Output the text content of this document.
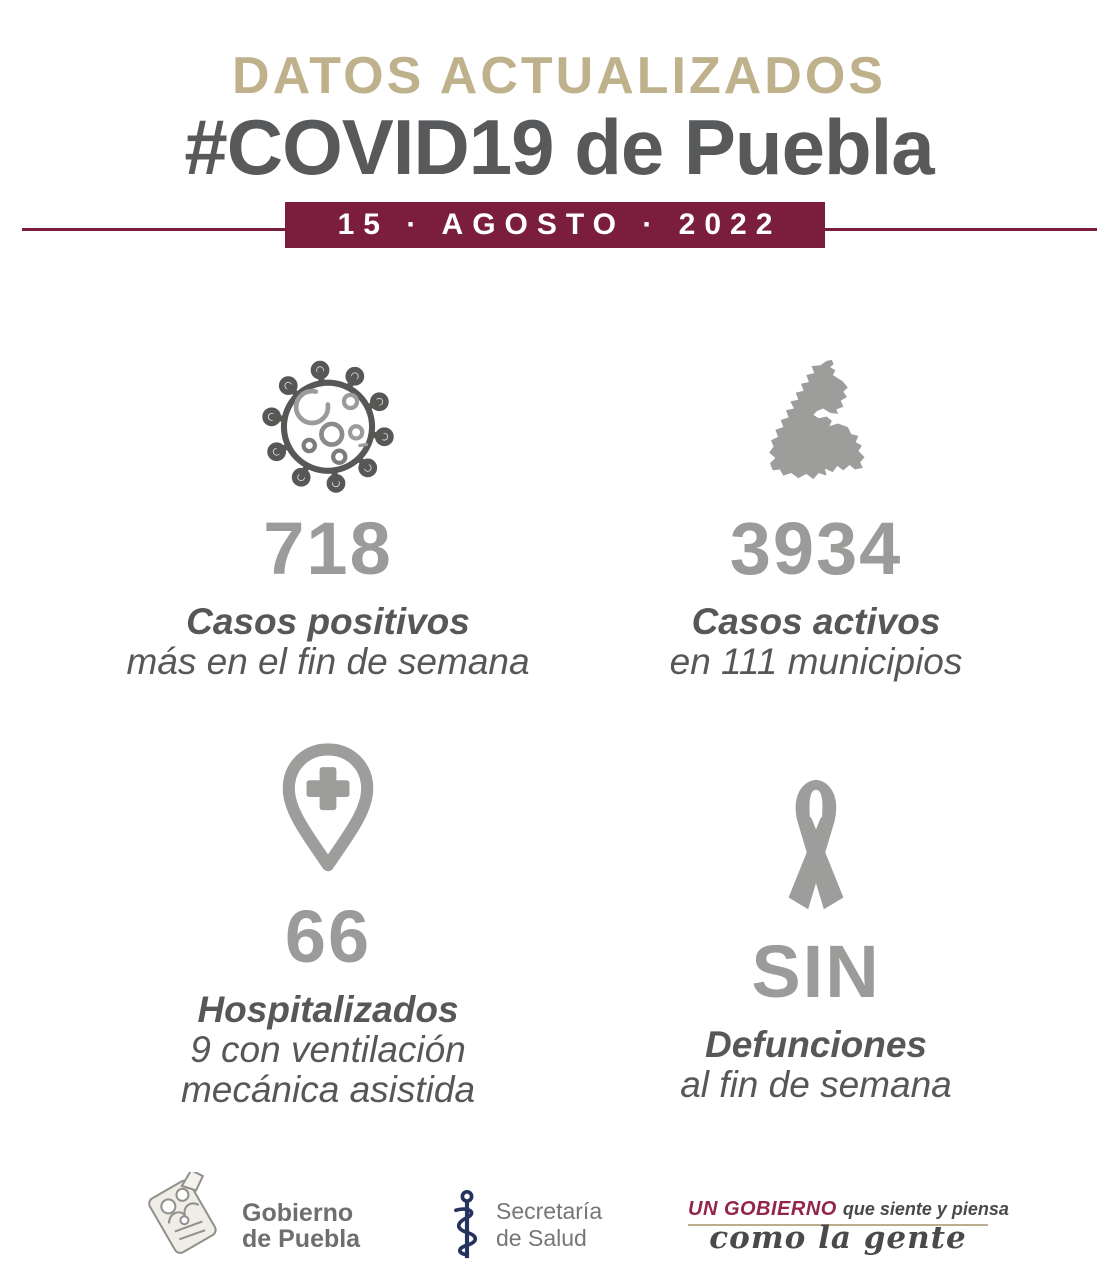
DATOS ACTUALIZADOS
#COVID19 de Puebla
15 · AGOSTO · 2022
718
Casos positivos
más en el fin de semana
3934
Casos activos
en 111 municipios
66
Hospitalizados
9 con ventilación
mecánica asistida
SIN
Defunciones
al fin de semana
Gobierno
de Puebla
Secretaría
de Salud
UN GOBIERNO que siente y piensa
como la gente
